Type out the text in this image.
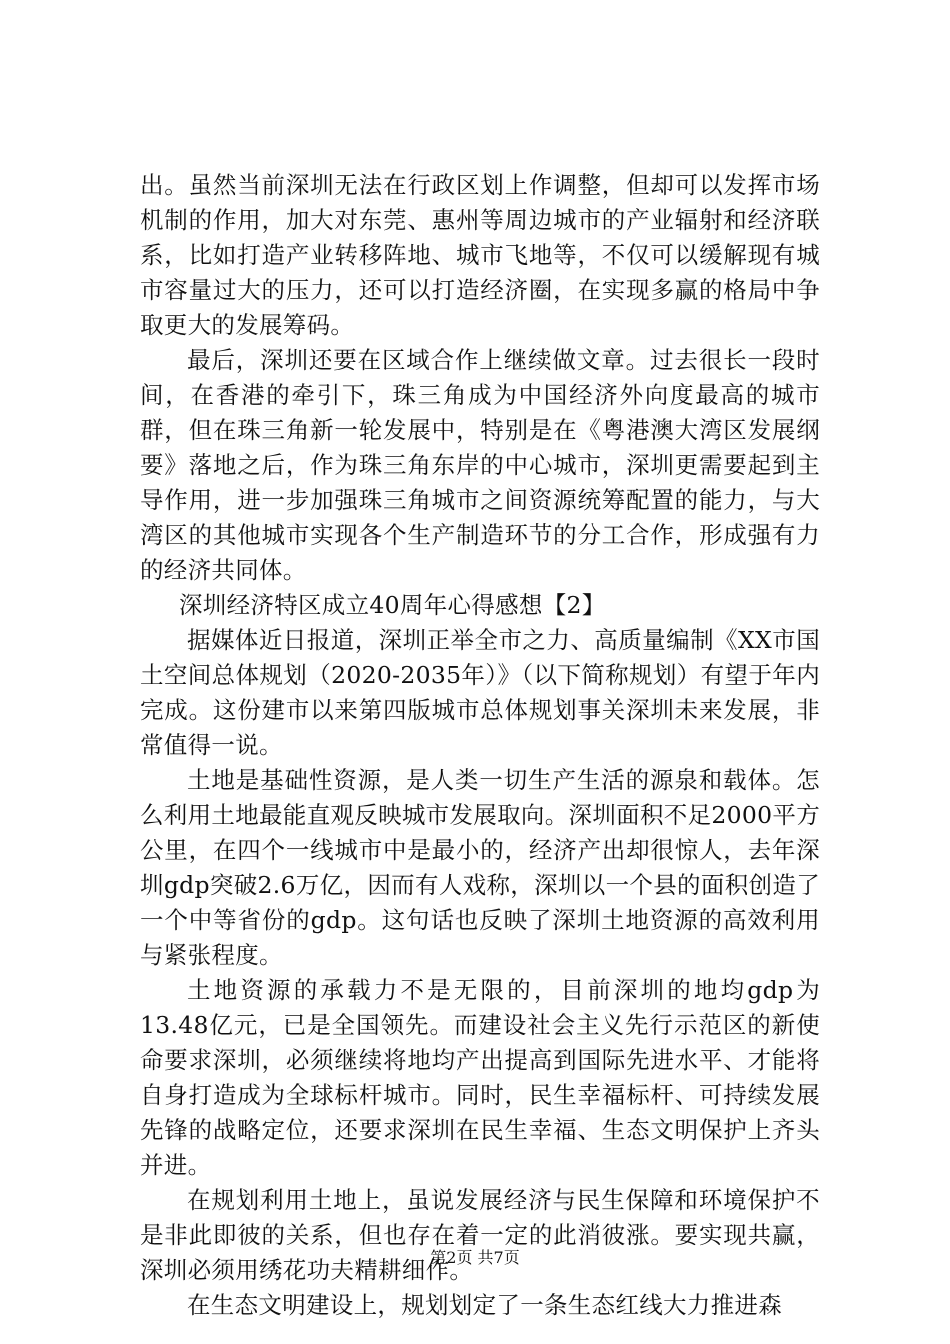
出。虽然当前深圳无法在行政区划上作调整，但却可以发挥市场机制的作用，加大对东莞、惠州等周边城市的产业辐射和经济联系，比如打造产业转移阵地、城市飞地等，不仅可以缓解现有城市容量过大的压力，还可以打造经济圈，在实现多赢的格局中争取更大的发展筹码。

最后，深圳还要在区域合作上继续做文章。过去很长一段时间，在香港的牵引下，珠三角成为中国经济外向度最高的城市群，但在珠三角新一轮发展中，特别是在《粤港澳大湾区发展纲要》落地之后，作为珠三角东岸的中心城市，深圳更需要起到主导作用，进一步加强珠三角城市之间资源统筹配置的能力，与大湾区的其他城市实现各个生产制造环节的分工合作，形成强有力的经济共同体。

深圳经济特区成立40周年心得感想【2】

据媒体近日报道，深圳正举全市之力、高质量编制《XX市国土空间总体规划（2020-2035年）》（以下简称规划）有望于年内完成。这份建市以来第四版城市总体规划事关深圳未来发展，非常值得一说。

土地是基础性资源，是人类一切生产生活的源泉和载体。怎么利用土地最能直观反映城市发展取向。深圳面积不足2000平方公里，在四个一线城市中是最小的，经济产出却很惊人，去年深圳gdp突破2.6万亿，因而有人戏称，深圳以一个县的面积创造了一个中等省份的gdp。这句话也反映了深圳土地资源的高效利用与紧张程度。

土地资源的承载力不是无限的，目前深圳的地均gdp为13.48亿元，已是全国领先。而建设社会主义先行示范区的新使命要求深圳，必须继续将地均产出提高到国际先进水平、才能将自身打造成为全球标杆城市。同时，民生幸福标杆、可持续发展先锋的战略定位，还要求深圳在民生幸福、生态文明保护上齐头并进。

在规划利用土地上，虽说发展经济与民生保障和环境保护不是非此即彼的关系，但也存在着一定的此消彼涨。要实现共赢，深圳必须用绣花功夫精耕细作。

在生态文明建设上，规划划定了一条生态红线大力推进森

第2页 共7页
